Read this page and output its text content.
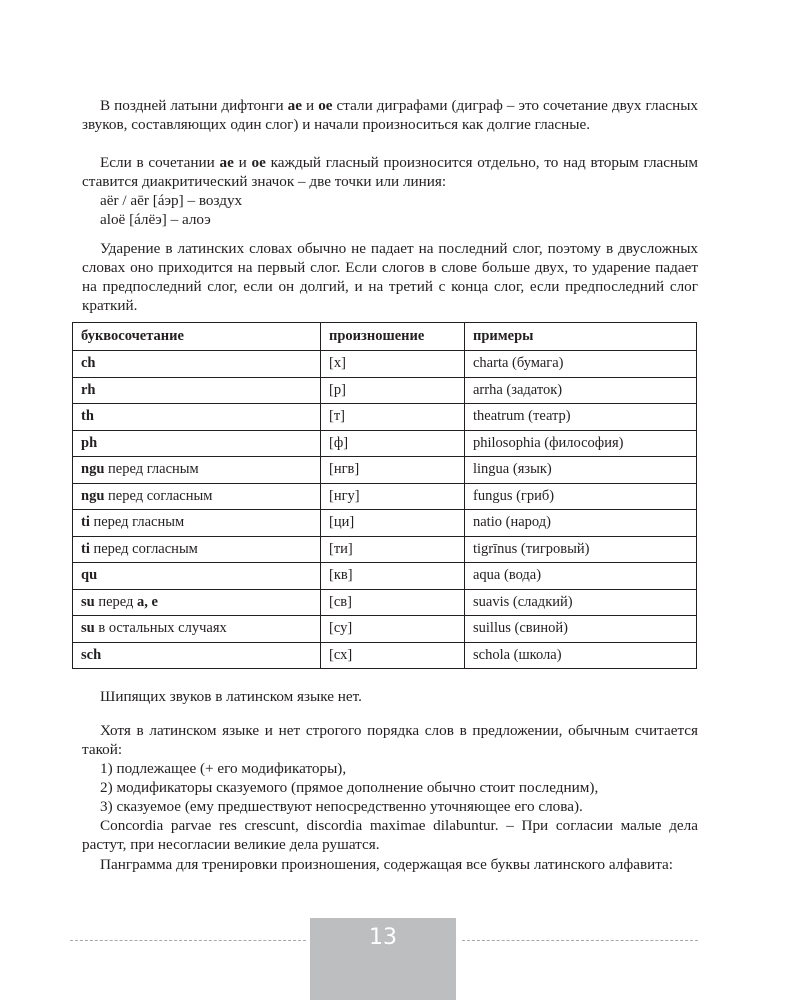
В поздней латыни дифтонги ae и oe стали диграфами (диграф – это сочетание двух гласных звуков, составляющих один слог) и начали произноситься как долгие гласные.
Если в сочетании ae и oe каждый гласный произносится отдельно, то над вторым гласным ставится диакритический значок – две точки или линия:
aër / aēr [áэр] – воздух
aloë [áлёэ] – алоэ
Ударение в латинских словах обычно не падает на последний слог, поэтому в двусложных словах оно приходится на первый слог. Если слогов в слове больше двух, то ударение падает на предпоследний слог, если он долгий, и на третий с конца слог, если предпоследний слог краткий.
буквосочетание	произношение	примеры
ch	[х]	charta (бумага)
rh	[р]	arrha (задаток)
th	[т]	theatrum (театр)
ph	[ф]	philosophia (философия)
ngu перед гласным	[нгв]	lingua (язык)
ngu перед согласным	[нгу]	fungus (гриб)
ti перед гласным	[ци]	natio (народ)
ti перед согласным	[ти]	tigrīnus (тигровый)
qu	[кв]	aqua (вода)
su перед a, e	[св]	suavis (сладкий)
su в остальных случаях	[су]	suillus (свиной)
sch	[сх]	schola (школа)
Шипящих звуков в латинском языке нет.
Хотя в латинском языке и нет строгого порядка слов в предложении, обычным считается такой:
1) подлежащее (+ его модификаторы),
2) модификаторы сказуемого (прямое дополнение обычно стоит последним),
3) сказуемое (ему предшествуют непосредственно уточняющее его слова).
Concordia parvae res crescunt, discordia maximae dilabuntur. – При согласии малые дела растут, при несогласии великие дела рушатся.
Панграмма для тренировки произношения, содержащая все буквы латинского алфавита:
13
